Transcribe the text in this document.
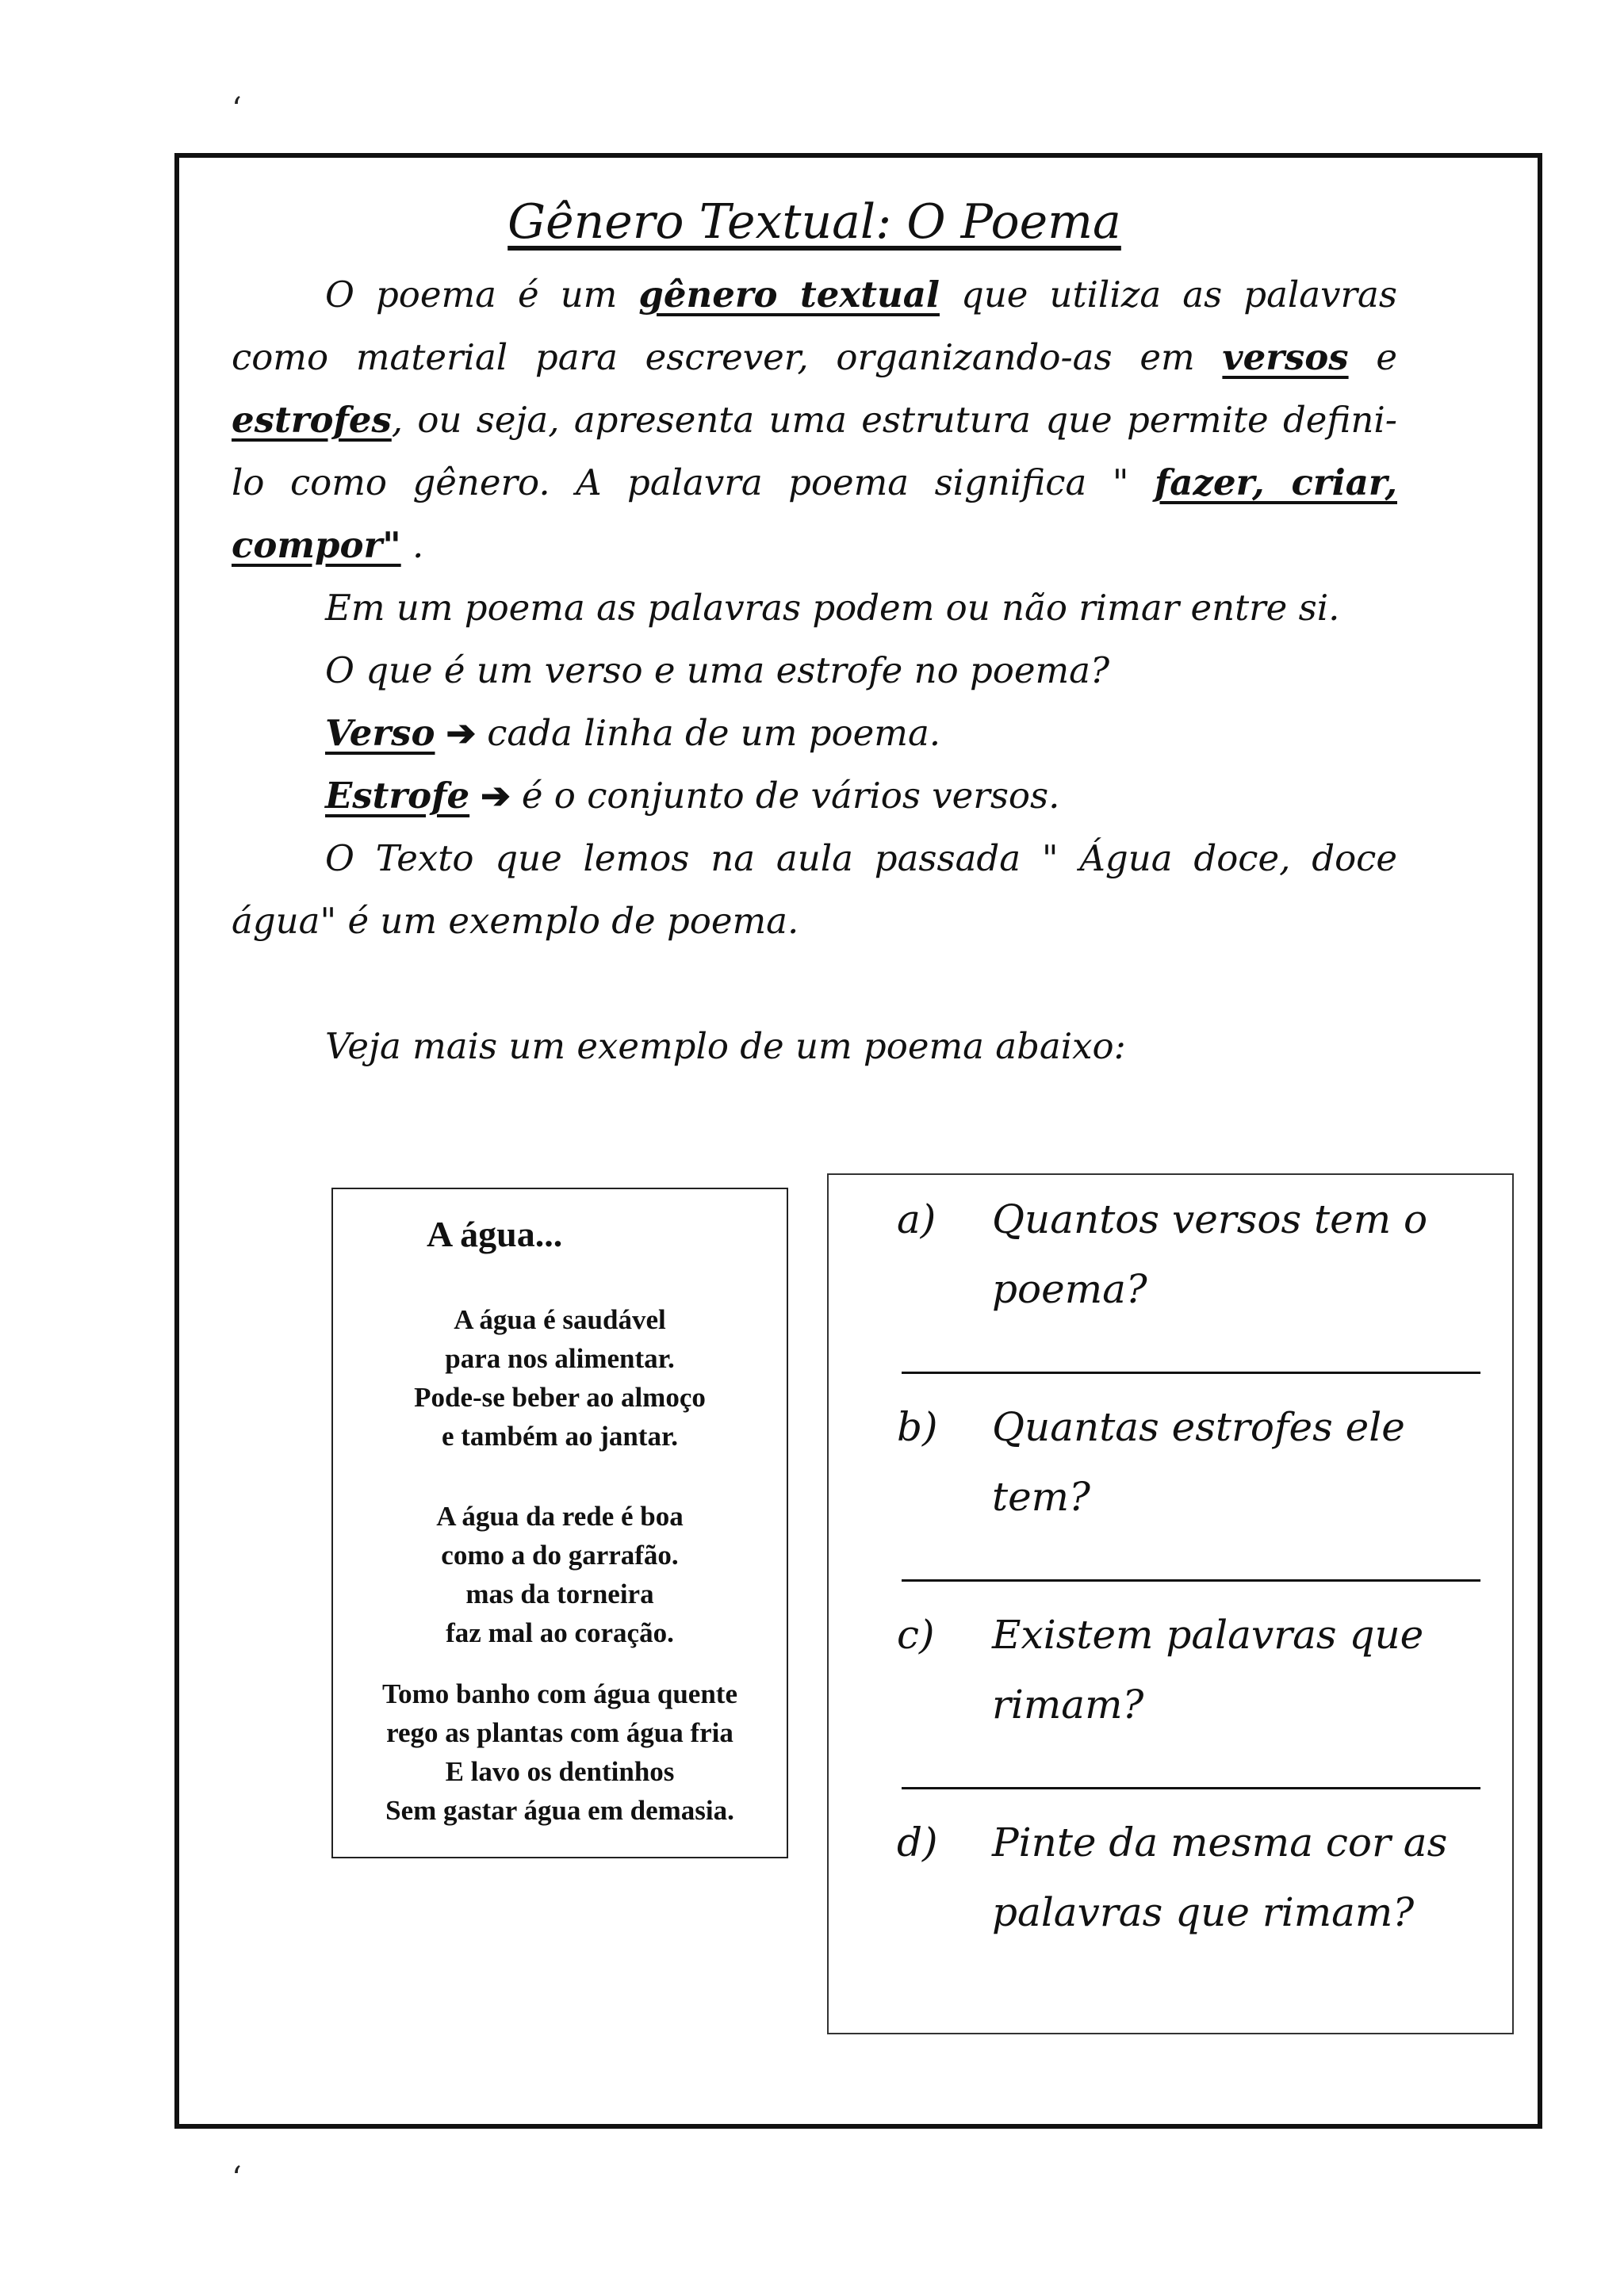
‘
Gênero Textual: O Poema

O poema é um gênero textual que utiliza as palavras como material para escrever, organizando-as em versos e estrofes, ou seja, apresenta uma estrutura que permite defini-lo como gênero. A palavra poema significa " fazer, criar, compor" .

Em um poema as palavras podem ou não rimar entre si.

O que é um verso e uma estrofe no poema?

Verso ➔ cada linha de um poema.

Estrofe ➔ é o conjunto de vários versos.

O Texto que lemos na aula passada " Água doce, doce água" é um exemplo de poema.

Veja mais um exemplo de um poema abaixo:

A água...
A água é saudável
para nos alimentar.
Pode-se beber ao almoço
e também ao jantar.
A água da rede é boa
como a do garrafão.
mas da torneira
faz mal ao coração.
Tomo banho com água quente
rego as plantas com água fria
E lavo os dentinhos
Sem gastar água em demasia.
a) Quantos versos tem o poema?
b) Quantas estrofes ele tem?
c) Existem palavras que rimam?
d) Pinte da mesma cor as palavras que rimam?
‘
